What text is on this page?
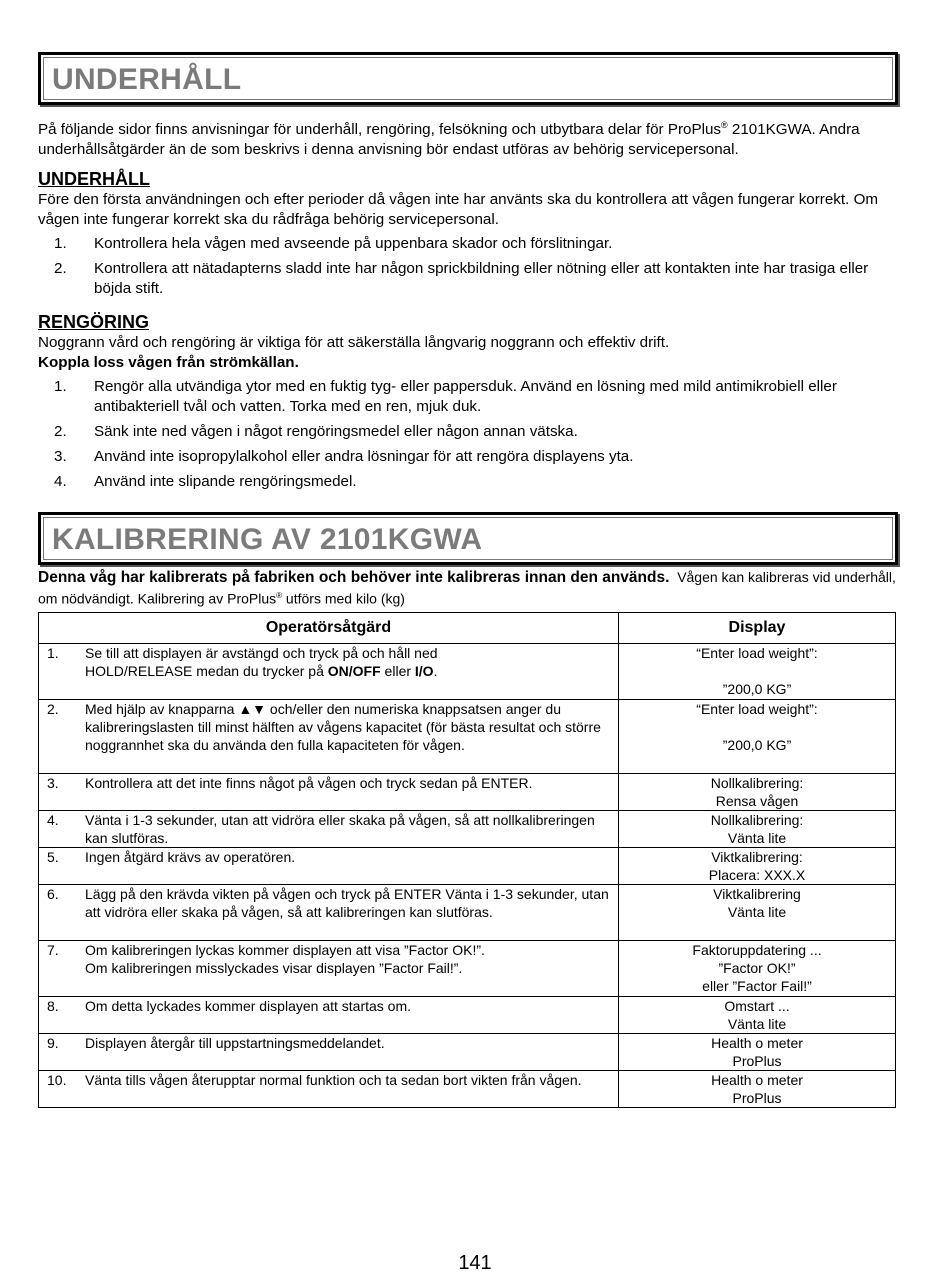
UNDERHÅLL

På följande sidor finns anvisningar för underhåll, rengöring, felsökning och utbytbara delar för ProPlus® 2101KGWA. Andra underhållsåtgärder än de som beskrivs i denna anvisning bör endast utföras av behörig servicepersonal.

UNDERHÅLL

Före den första användningen och efter perioder då vågen inte har använts ska du kontrollera att vågen fungerar korrekt. Om vågen inte fungerar korrekt ska du rådfråga behörig servicepersonal.

1. Kontrollera hela vågen med avseende på uppenbara skador och förslitningar.
2. Kontrollera att nätadapterns sladd inte har någon sprickbildning eller nötning eller att kontakten inte har trasiga eller böjda stift.
RENGÖRING

Noggrann vård och rengöring är viktiga för att säkerställa långvarig noggrann och effektiv drift.

Koppla loss vågen från strömkällan.

1. Rengör alla utvändiga ytor med en fuktig tyg- eller pappersduk. Använd en lösning med mild antimikrobiell eller antibakteriell tvål och vatten. Torka med en ren, mjuk duk.
2. Sänk inte ned vågen i något rengöringsmedel eller någon annan vätska.
3. Använd inte isopropylalkohol eller andra lösningar för att rengöra displayens yta.
4. Använd inte slipande rengöringsmedel.
KALIBRERING AV 2101KGWA

Denna våg har kalibrerats på fabriken och behöver inte kalibreras innan den används. Vågen kan kalibreras vid underhåll, om nödvändigt. Kalibrering av ProPlus® utförs med kilo (kg)

Operatörsåtgärd	Display

1. Se till att displayen är avstängd och tryck på och håll ned
HOLD/RELEASE medan du trycker på ON/OFF eller I/O.	“Enter load weight”:
”200,0 KG”

2. Med hjälp av knapparna ▲▼ och/eller den numeriska knappsatsen anger du kalibreringslasten till minst hälften av vågens kapacitet (för bästa resultat och större noggrannhet ska du använda den fulla kapaciteten för vågen.	“Enter load weight”:
”200,0 KG”

3. Kontrollera att det inte finns något på vågen och tryck sedan på ENTER.	Nollkalibrering:
Rensa vågen

4. Vänta i 1-3 sekunder, utan att vidröra eller skaka på vågen, så att nollkalibreringen kan slutföras.	Nollkalibrering:
Vänta lite

5. Ingen åtgärd krävs av operatören.	Viktkalibrering:
Placera: XXX.X

6. Lägg på den krävda vikten på vågen och tryck på ENTER Vänta i 1-3 sekunder, utan att vidröra eller skaka på vågen, så att kalibreringen kan slutföras.	Viktkalibrering
Vänta lite

7. Om kalibreringen lyckas kommer displayen att visa ”Factor OK!”.
Om kalibreringen misslyckades visar displayen ”Factor Fail!”.	Faktoruppdatering ...
”Factor OK!”
eller ”Factor Fail!”

8. Om detta lyckades kommer displayen att startas om.	Omstart ...
Vänta lite

9. Displayen återgår till uppstartningsmeddelandet.	Health o meter
ProPlus

10. Vänta tills vågen återupptar normal funktion och ta sedan bort vikten från vågen.	Health o meter
ProPlus
141
